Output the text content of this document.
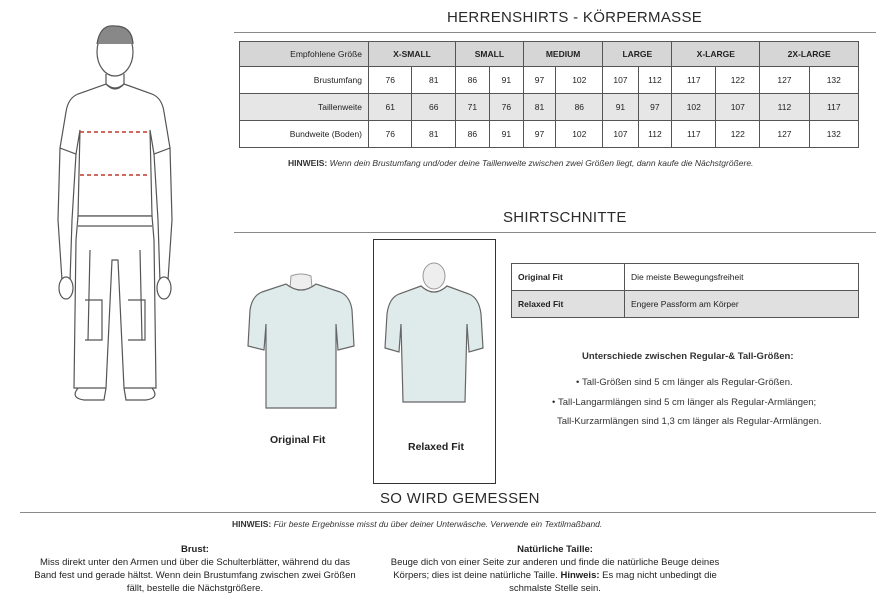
HERRENSHIRTS - KÖRPERMASSE
Empfohlene Größe	X-SMALL		SMALL		MEDIUM		LARGE		X-LARGE		2X-LARGE	
Brustumfang	76	81	86	91	97	102	107	112	117	122	127	132
Taillenweite	61	66	71	76	81	86	91	97	102	107	112	117
Bundweite (Boden)	76	81	86	91	97	102	107	112	117	122	127	132
HINWEIS: Wenn dein Brustumfang und/oder deine Taillenweite zwischen zwei Größen liegt, dann kaufe die Nächstgrößere.
SHIRTSCHNITTE
Original Fit
Relaxed Fit
Original Fit	Die meiste Bewegungsfreiheit
Relaxed Fit	Engere Passform am Körper
Unterschiede zwischen Regular-& Tall-Größen:
• Tall-Größen sind 5 cm länger als Regular-Größen.
• Tall-Langarmlängen sind 5 cm länger als Regular-Armlängen;
Tall-Kurzarmlängen sind 1,3 cm länger als Regular-Armlängen.
SO WIRD GEMESSEN
HINWEIS: Für beste Ergebnisse misst du über deiner Unterwäsche. Verwende ein Textilmaßband.
Brust:
Miss direkt unter den Armen und über die Schulterblätter, während du das Band fest und gerade hältst. Wenn dein Brustumfang zwischen zwei Größen fällt, bestelle die Nächstgrößere.
Natürliche Taille:
Beuge dich von einer Seite zur anderen und finde die natürliche Beuge deines Körpers; dies ist deine natürliche Taille. Hinweis: Es mag nicht unbedingt die schmalste Stelle sein.
